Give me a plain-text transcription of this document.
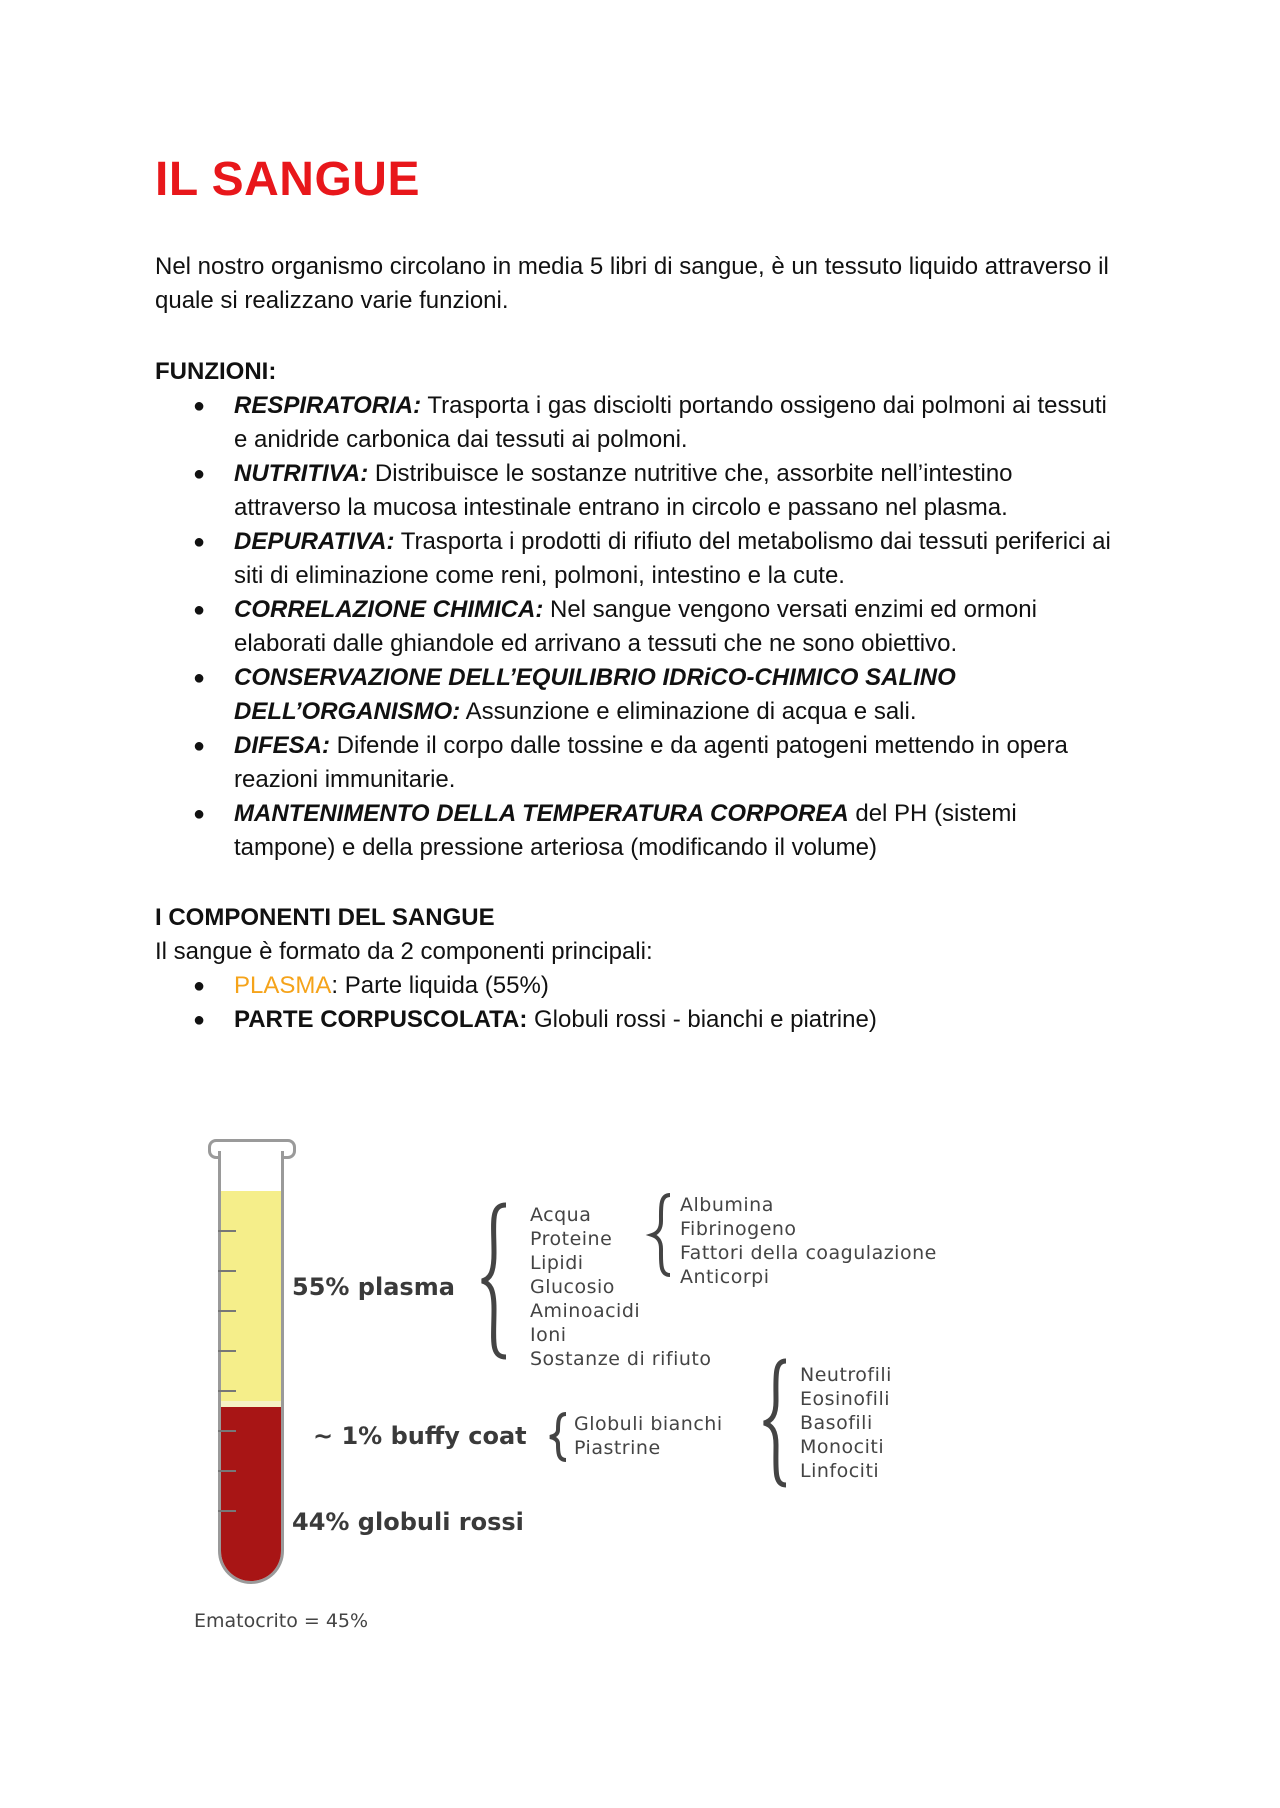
IL SANGUE

Nel nostro organismo circolano in media 5 libri di sangue, è un tessuto liquido attraverso il quale si realizzano varie funzioni.

FUNZIONI:

● RESPIRATORIA: Trasporta i gas disciolti portando ossigeno dai polmoni ai tessuti e anidride carbonica dai tessuti ai polmoni.
● NUTRITIVA: Distribuisce le sostanze nutritive che, assorbite nell’intestino attraverso la mucosa intestinale entrano in circolo e passano nel plasma.
● DEPURATIVA: Trasporta i prodotti di rifiuto del metabolismo dai tessuti periferici ai siti di eliminazione come reni, polmoni, intestino e la cute.
● CORRELAZIONE CHIMICA: Nel sangue vengono versati enzimi ed ormoni elaborati dalle ghiandole ed arrivano a tessuti che ne sono obiettivo.
● CONSERVAZIONE DELL’EQUILIBRIO IDRiCO-CHIMICO SALINO DELL’ORGANISMO: Assunzione e eliminazione di acqua e sali.
● DIFESA: Difende il corpo dalle tossine e da agenti patogeni mettendo in opera reazioni immunitarie.
● MANTENIMENTO DELLA TEMPERATURA CORPOREA del PH (sistemi tampone) e della pressione arteriosa (modificando il volume)

I COMPONENTI DEL SANGUE

Il sangue è formato da 2 componenti principali:

● PLASMA: Parte liquida (55%)
● PARTE CORPUSCOLATA: Globuli rossi - bianchi e piatrine)
55% plasma
~ 1% buffy coat
44% globuli rossi
Acqua
Proteine
Lipidi
Glucosio
Aminoacidi
Ioni
Sostanze di rifiuto
Albumina
Fibrinogeno
Fattori della coagulazione
Anticorpi
Globuli bianchi
Piastrine
Neutrofili
Eosinofili
Basofili
Monociti
Linfociti
Ematocrito = 45%
